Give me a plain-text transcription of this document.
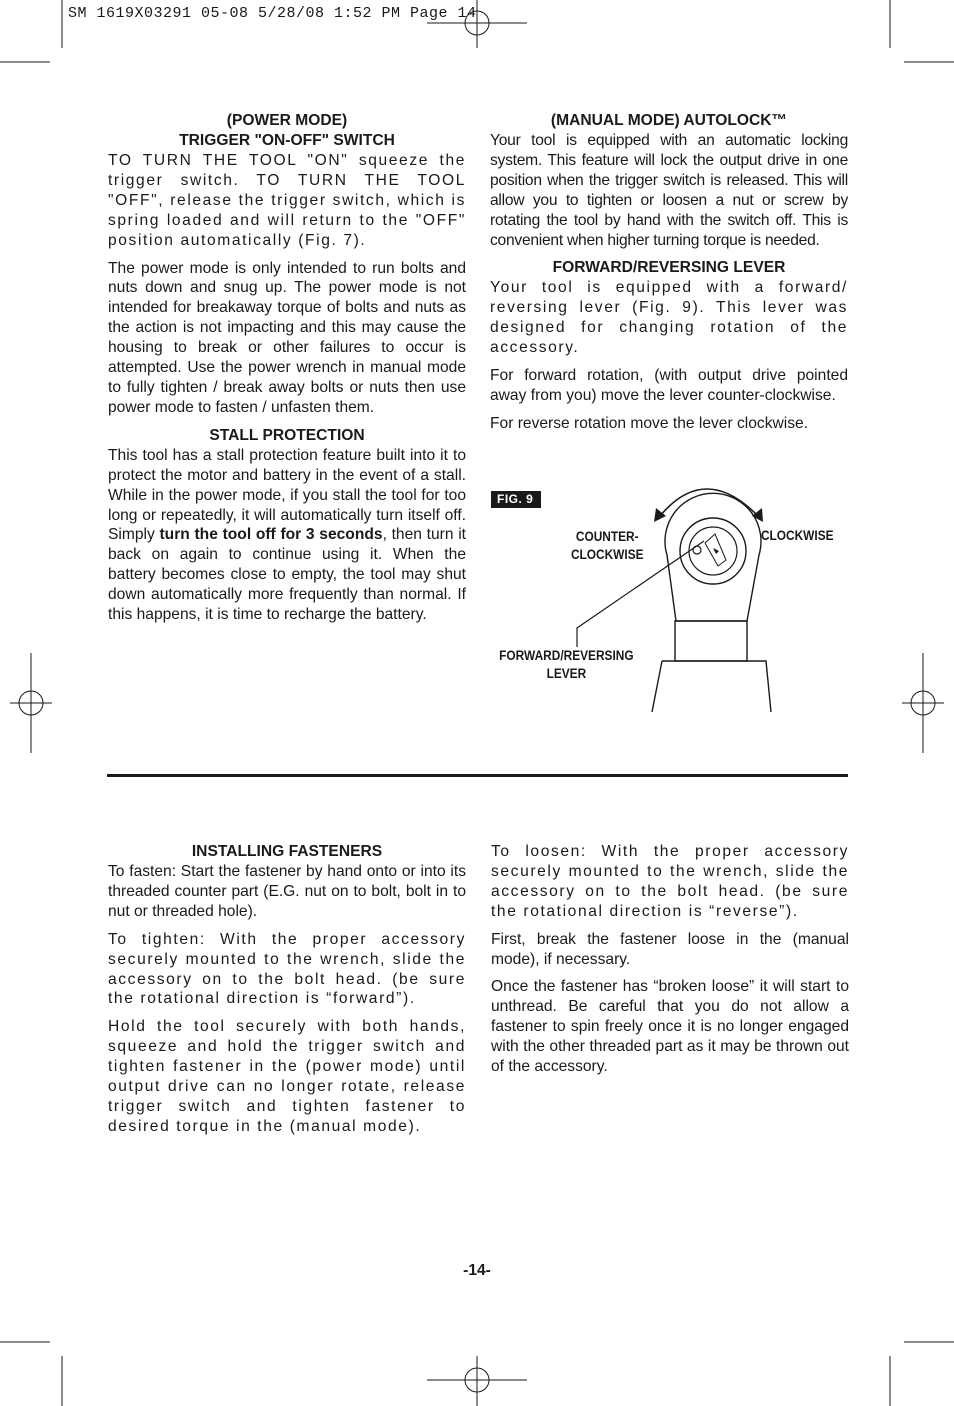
SM 1619X03291 05-08 5/28/08 1:52 PM Page 14
(POWER MODE)
TRIGGER "ON-OFF" SWITCH

TO TURN THE TOOL "ON" squeeze the trigger switch. TO TURN THE TOOL "OFF", release the trigger switch, which is spring loaded and will return to the "OFF" position automatically (Fig. 7).

The power mode is only intended to run bolts and nuts down and snug up. The power mode is not intended for breakaway torque of bolts and nuts as the action is not impacting and this may cause the housing to break or other failures to occur is attempted. Use the power wrench in manual mode to fully tighten / break away bolts or nuts then use power mode to fasten / unfasten them.

STALL PROTECTION

This tool has a stall protection feature built into it to protect the motor and battery in the event of a stall. While in the power mode, if you stall the tool for too long or repeatedly, it will automatically turn itself off. Simply turn the tool off for 3 seconds, then turn it back on again to continue using it. When the battery becomes close to empty, the tool may shut down automatically more frequently than normal. If this happens, it is time to recharge the battery.

(MANUAL MODE) AUTOLOCK™

Your tool is equipped with an automatic locking system. This feature will lock the output drive in one position when the trigger switch is released. This will allow you to tighten or loosen a nut or screw by rotating the tool by hand with the switch off. This is convenient when higher turning torque is needed.

FORWARD/REVERSING LEVER

Your tool is equipped with a forward/ reversing lever (Fig. 9). This lever was designed for changing rotation of the accessory.

For forward rotation, (with output drive pointed away from you) move the lever counter-clockwise.

For reverse rotation move the lever clockwise.

FIG. 9
COUNTER-
CLOCKWISE
CLOCKWISE
FORWARD/REVERSING
LEVER
INSTALLING FASTENERS

To fasten: Start the fastener by hand onto or into its threaded counter part (E.G. nut on to bolt, bolt in to nut or threaded hole).

To tighten: With the proper accessory securely mounted to the wrench, slide the accessory on to the bolt head. (be sure the rotational direction is “forward”).

Hold the tool securely with both hands, squeeze and hold the trigger switch and tighten fastener in the (power mode) until output drive can no longer rotate, release trigger switch and tighten fastener to desired torque in the (manual mode).

To loosen: With the proper accessory securely mounted to the wrench, slide the accessory on to the bolt head. (be sure the rotational direction is “reverse”).

First, break the fastener loose in the (manual mode), if necessary.

Once the fastener has “broken loose” it will start to unthread. Be careful that you do not allow a fastener to spin freely once it is no longer engaged with the other threaded part as it may be thrown out of the accessory.

-14-
